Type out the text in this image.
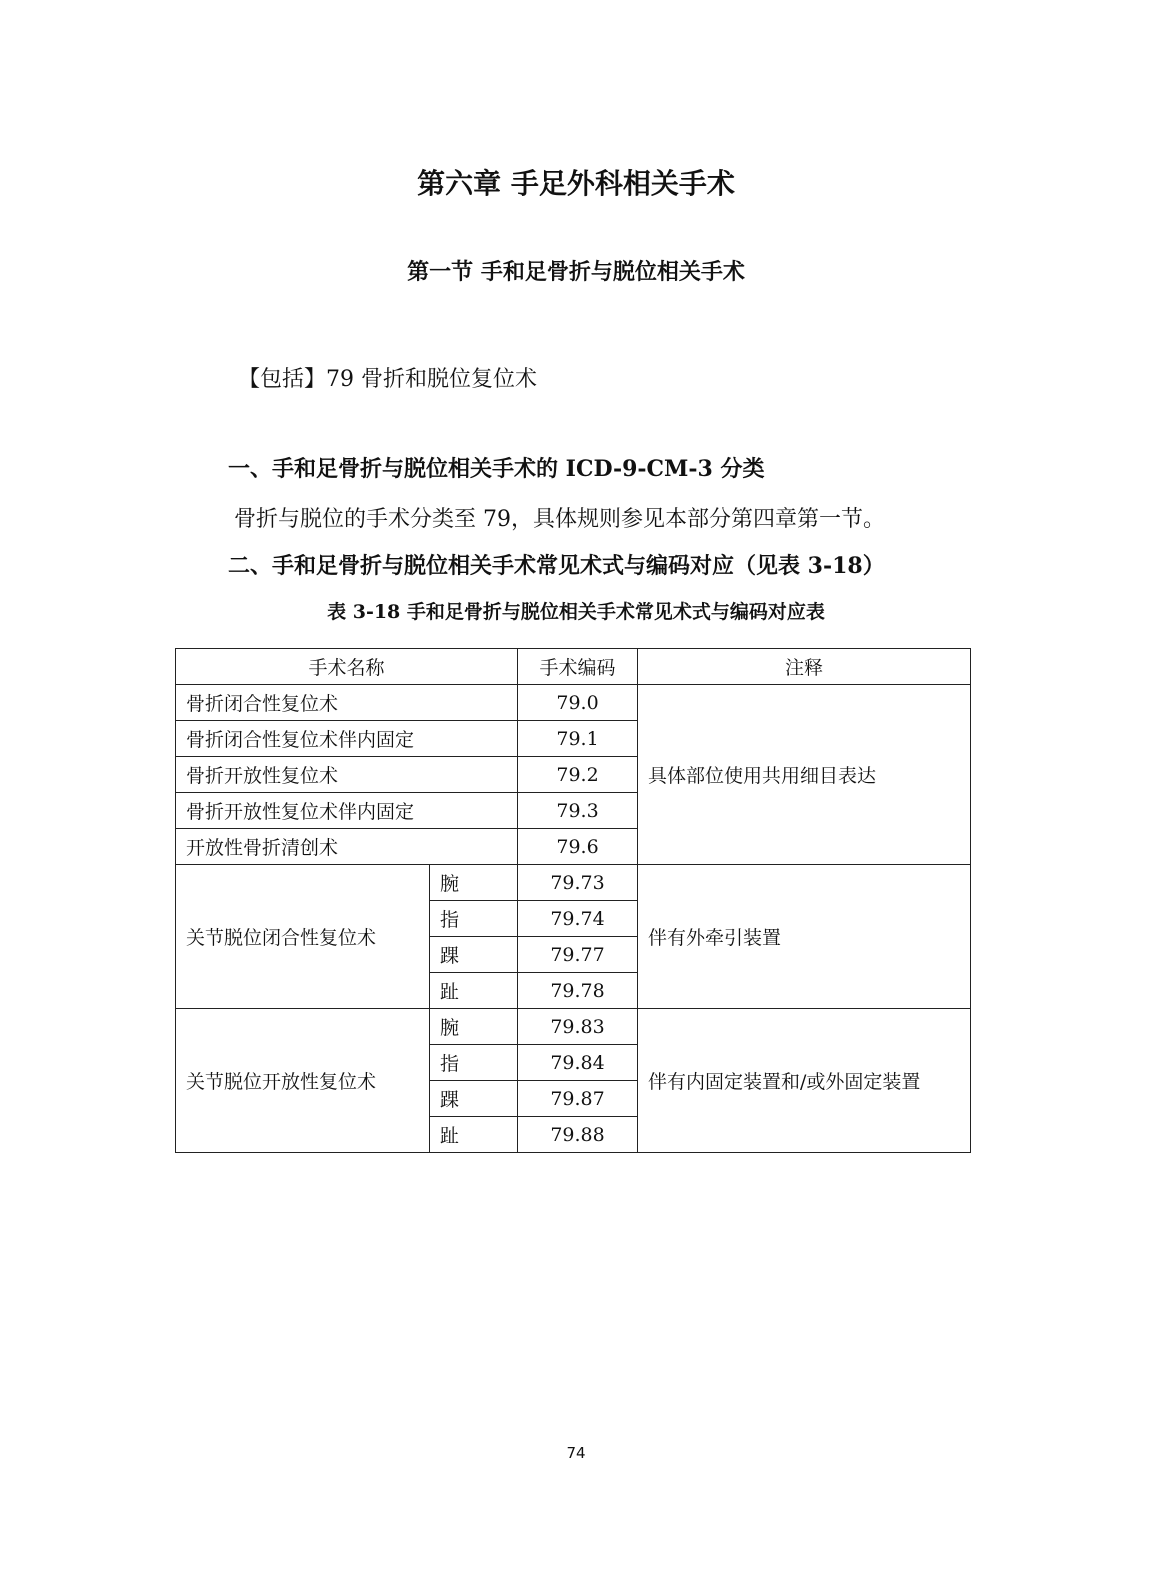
第六章 手足外科相关手术
第一节 手和足骨折与脱位相关手术
【包括】79 骨折和脱位复位术
一、手和足骨折与脱位相关手术的 ICD-9-CM-3 分类
骨折与脱位的手术分类至 79，具体规则参见本部分第四章第一节。
二、手和足骨折与脱位相关手术常见术式与编码对应（见表 3-18）
表 3-18 手和足骨折与脱位相关手术常见术式与编码对应表
手术名称		手术编码	注释
骨折闭合性复位术		79.0	具体部位使用共用细目表达
骨折闭合性复位术伴内固定		79.1	
骨折开放性复位术		79.2	
骨折开放性复位术伴内固定		79.3	
开放性骨折清创术		79.6	
关节脱位闭合性复位术	腕	79.73	伴有外牵引装置
	指	79.74	
	踝	79.77	
	趾	79.78	
关节脱位开放性复位术	腕	79.83	伴有内固定装置和/或外固定装置
	指	79.84	
	踝	79.87	
	趾	79.88	
74
